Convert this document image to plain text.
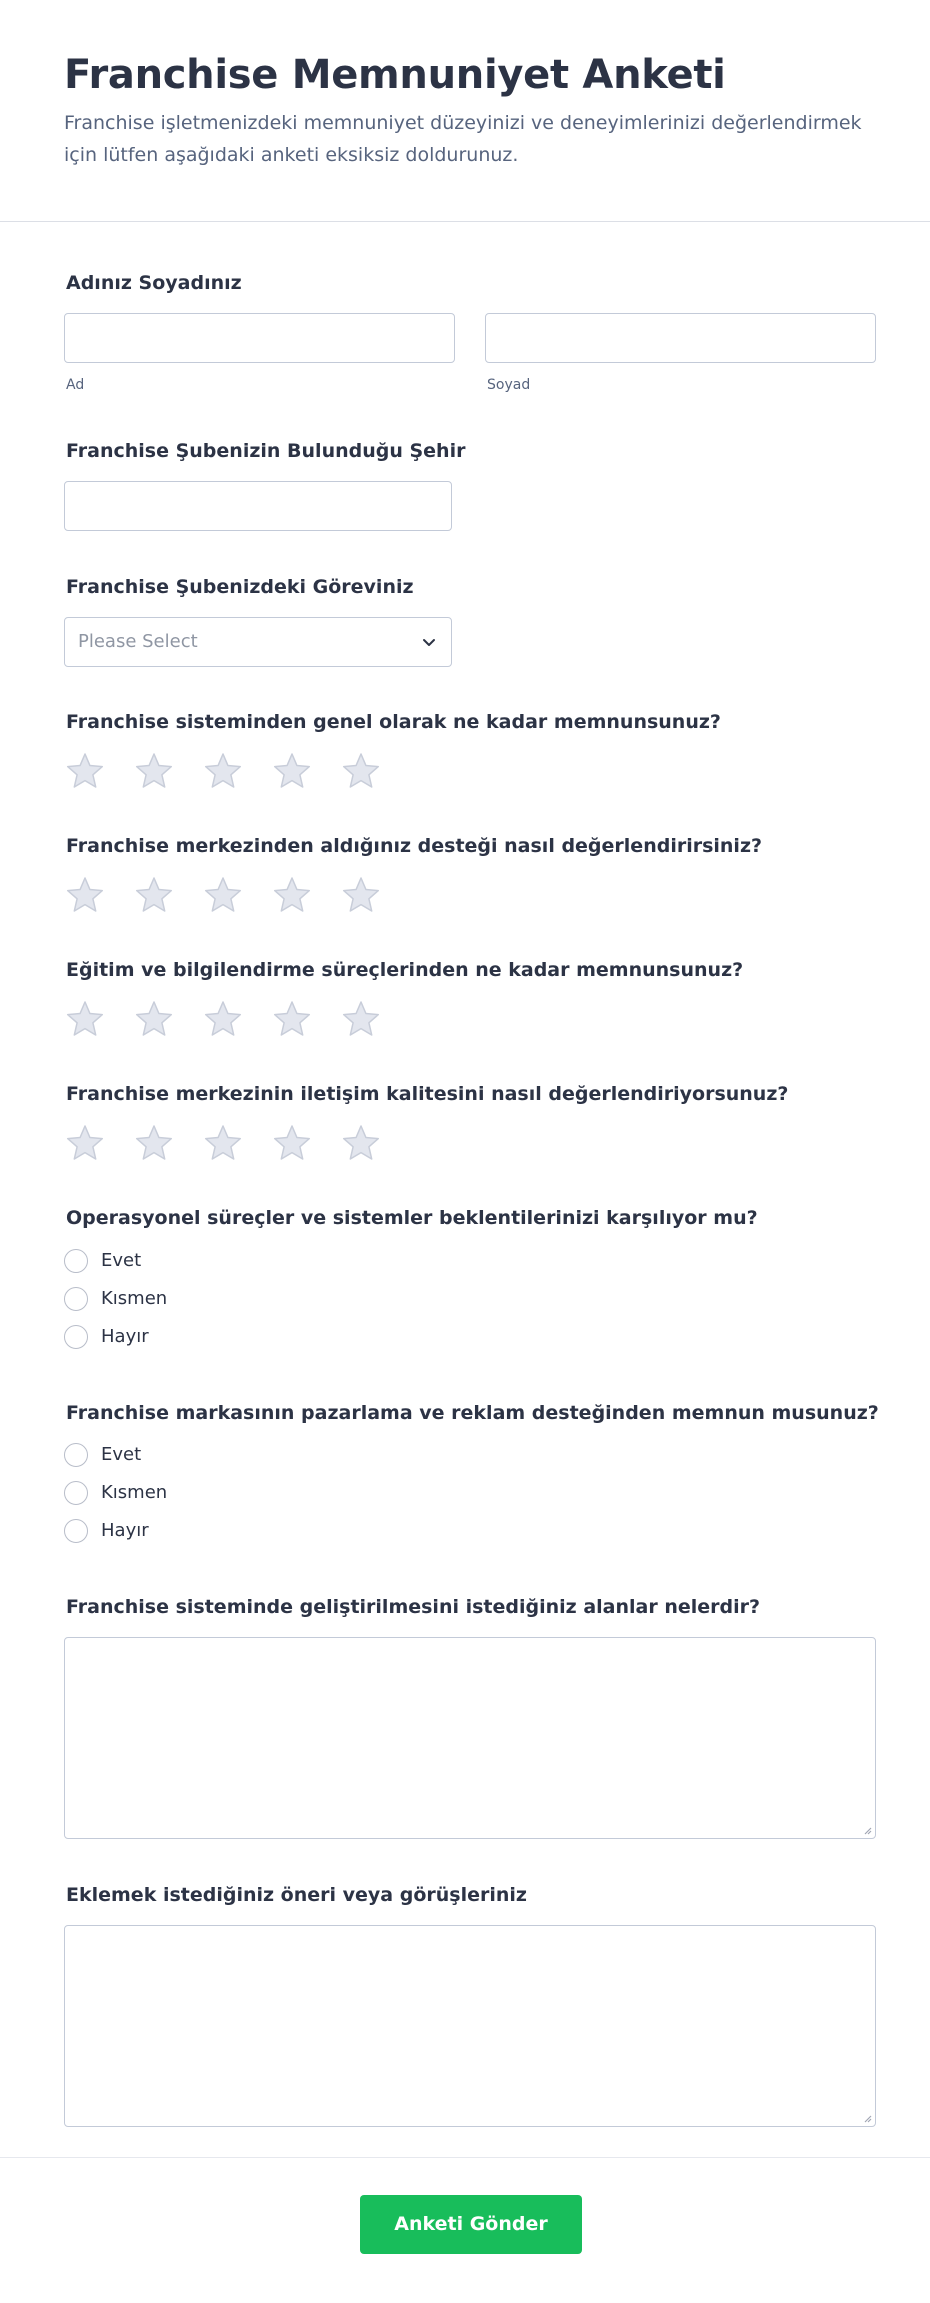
Franchise Memnuniyet Anketi

Franchise işletmenizdeki memnuniyet düzeyinizi ve deneyimlerinizi değerlendirmek için lütfen aşağıdaki anketi eksiksiz doldurunuz.

Adınız Soyadınız
Ad	Soyad
Franchise Şubenizin Bulunduğu Şehir
Franchise Şubenizdeki Göreviniz
Please Select
Franchise sisteminden genel olarak ne kadar memnunsunuz?
Franchise merkezinden aldığınız desteği nasıl değerlendirirsiniz?
Eğitim ve bilgilendirme süreçlerinden ne kadar memnunsunuz?
Franchise merkezinin iletişim kalitesini nasıl değerlendiriyorsunuz?
Operasyonel süreçler ve sistemler beklentilerinizi karşılıyor mu?
Evet
Kısmen
Hayır
Franchise markasının pazarlama ve reklam desteğinden memnun musunuz?
Evet
Kısmen
Hayır
Franchise sisteminde geliştirilmesini istediğiniz alanlar nelerdir?
Eklemek istediğiniz öneri veya görüşleriniz
Anketi Gönder
